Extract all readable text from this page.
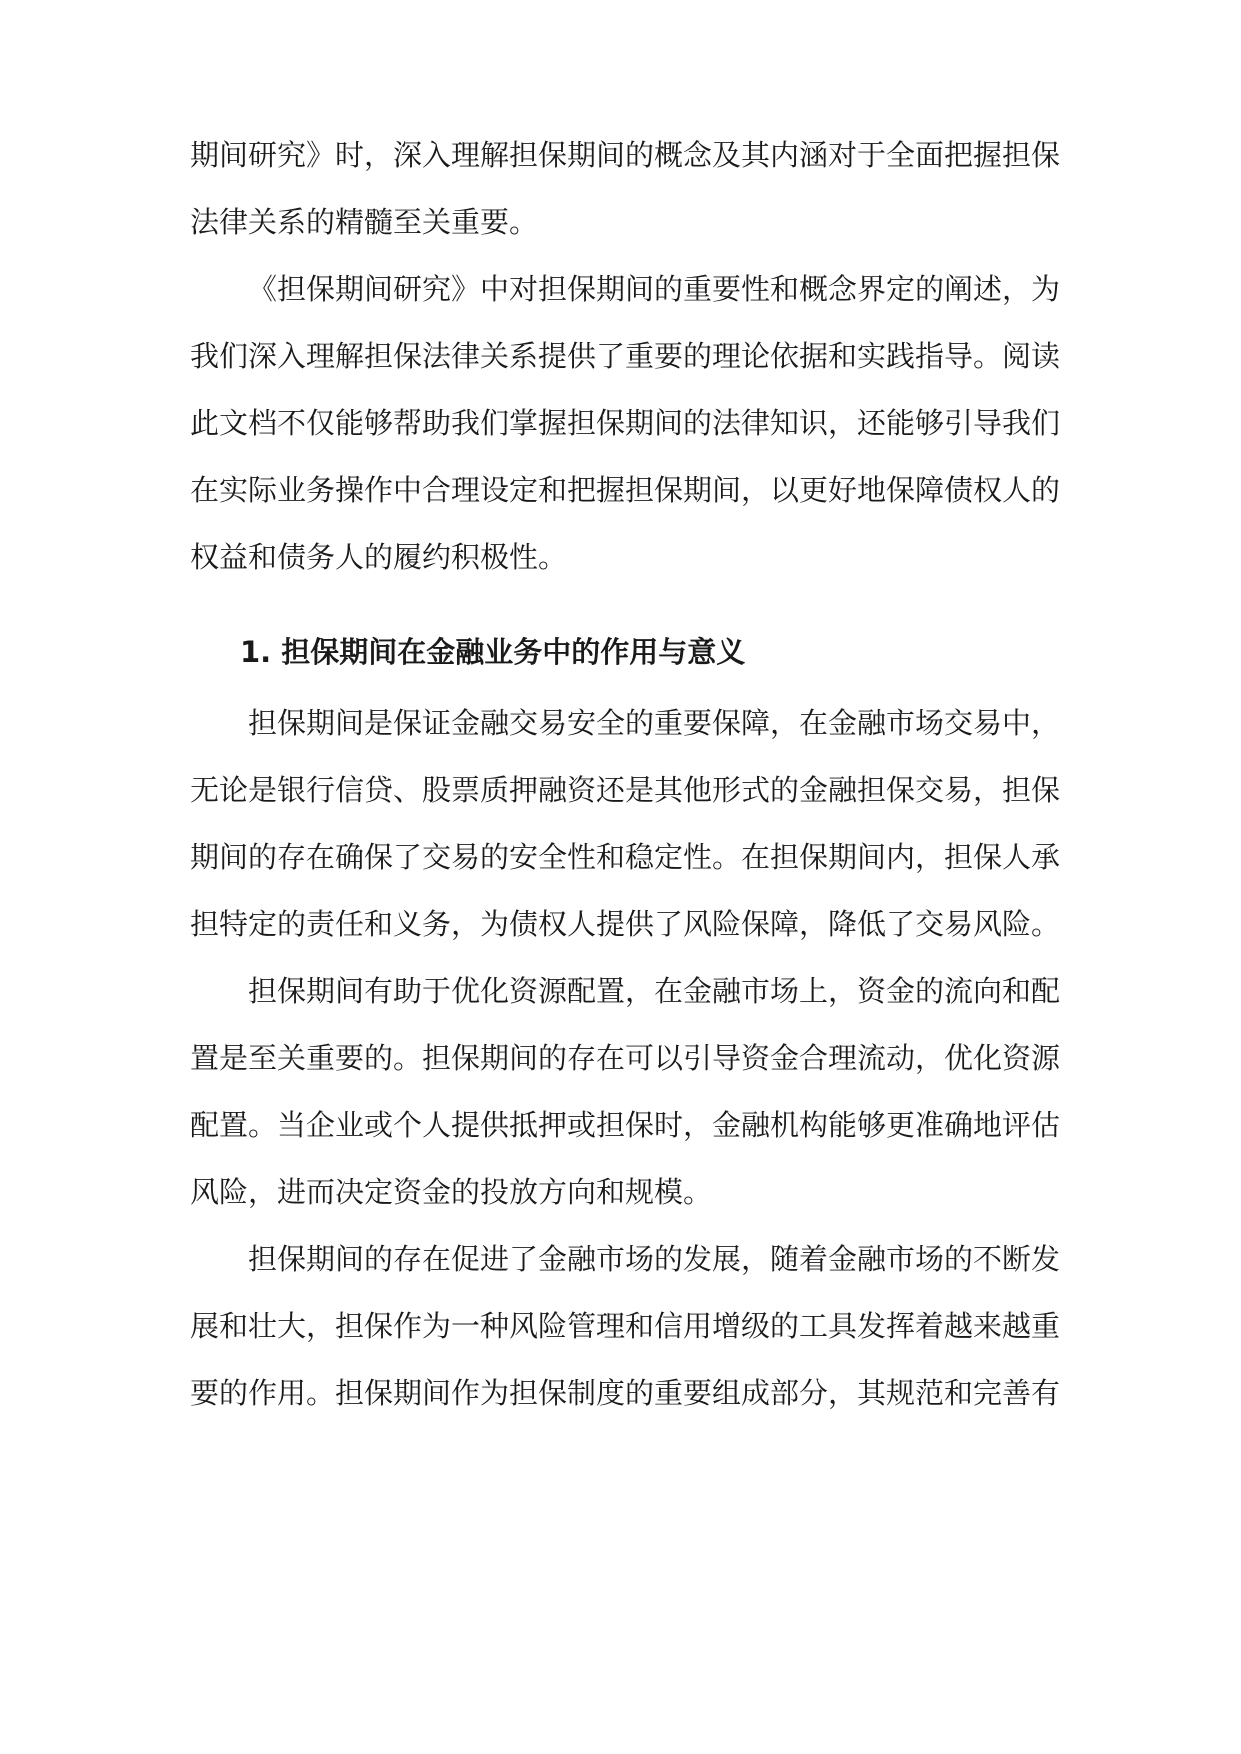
期间研究》时，深入理解担保期间的概念及其内涵对于全面把握担保
法律关系的精髓至关重要。
《担保期间研究》中对担保期间的重要性和概念界定的阐述，为
我们深入理解担保法律关系提供了重要的理论依据和实践指导。阅读
此文档不仅能够帮助我们掌握担保期间的法律知识，还能够引导我们
在实际业务操作中合理设定和把握担保期间，以更好地保障债权人的
权益和债务人的履约积极性。
1. 担保期间在金融业务中的作用与意义
担保期间是保证金融交易安全的重要保障，在金融市场交易中，
无论是银行信贷、股票质押融资还是其他形式的金融担保交易，担保
期间的存在确保了交易的安全性和稳定性。在担保期间内，担保人承
担特定的责任和义务，为债权人提供了风险保障，降低了交易风险。
担保期间有助于优化资源配置，在金融市场上，资金的流向和配
置是至关重要的。担保期间的存在可以引导资金合理流动，优化资源
配置。当企业或个人提供抵押或担保时，金融机构能够更准确地评估
风险，进而决定资金的投放方向和规模。
担保期间的存在促进了金融市场的发展，随着金融市场的不断发
展和壮大，担保作为一种风险管理和信用增级的工具发挥着越来越重
要的作用。担保期间作为担保制度的重要组成部分，其规范和完善有
